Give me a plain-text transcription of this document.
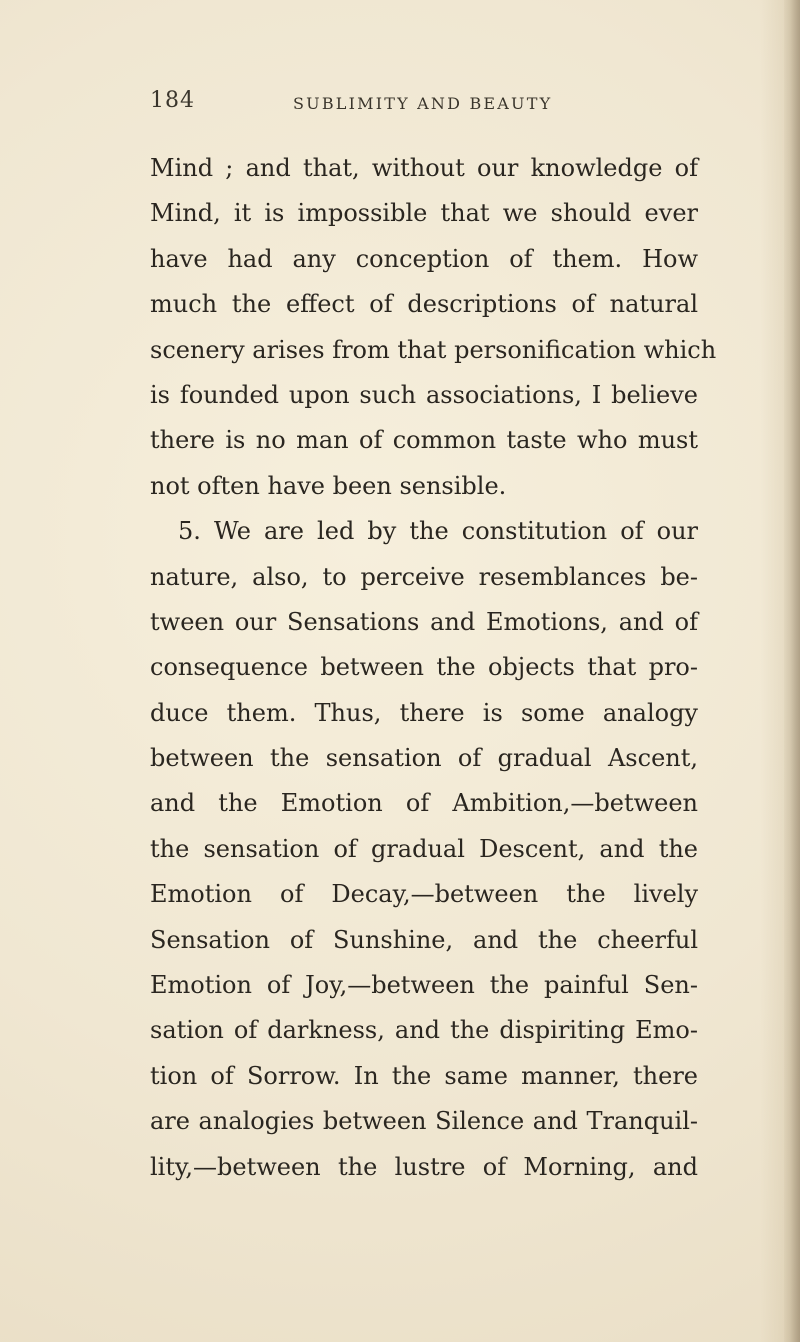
184	SUBLIMITY AND BEAUTY
Mind ; and that, without our knowledge of
Mind, it is impossible that we should ever
have had any conception of them. How
much the effect of descriptions of natural
scenery arises from that personification which
is founded upon such associations, I believe
there is no man of common taste who must
not often have been sensible.
5. We are led by the constitution of our
nature, also, to perceive resemblances be-
tween our Sensations and Emotions, and of
consequence between the objects that pro-
duce them. Thus, there is some analogy
between the sensation of gradual Ascent,
and the Emotion of Ambition,—between
the sensation of gradual Descent, and the
Emotion of Decay,—between the lively
Sensation of Sunshine, and the cheerful
Emotion of Joy,—between the painful Sen-
sation of darkness, and the dispiriting Emo-
tion of Sorrow. In the same manner, there
are analogies between Silence and Tranquil-
lity,—between the lustre of Morning, and
